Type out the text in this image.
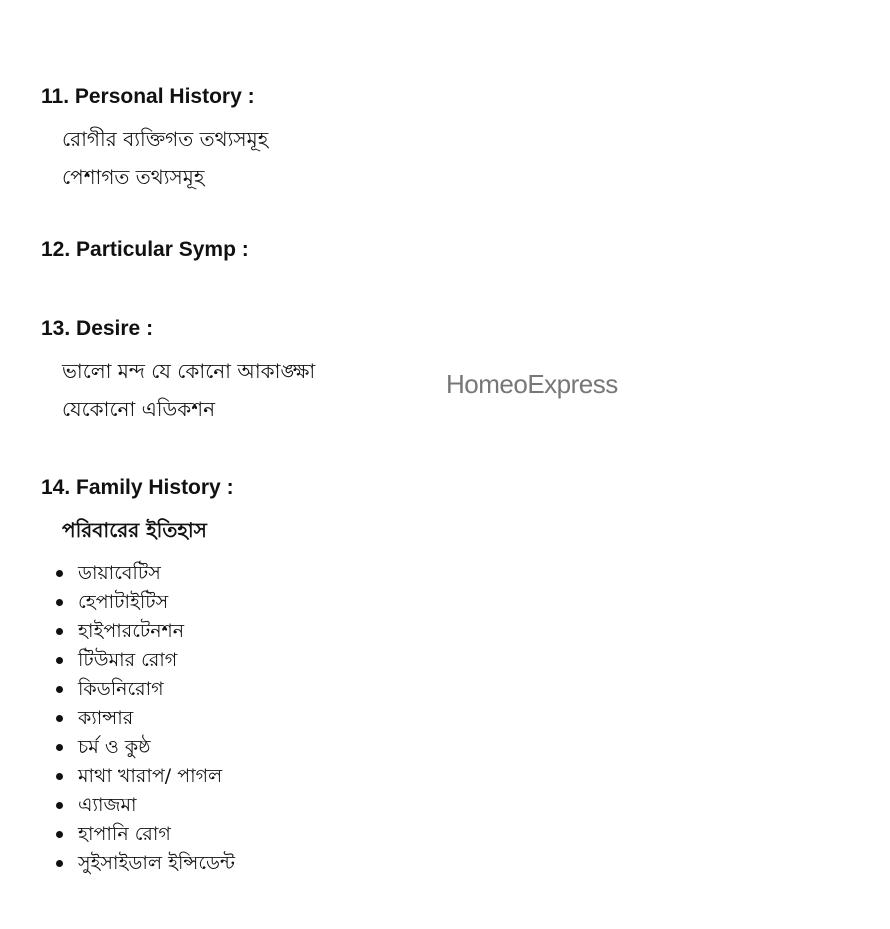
11. Personal History :

রোগীর ব্যক্তিগত তথ্যসমূহ

পেশাগত তথ্যসমূহ

12. Particular Symp :
13. Desire :

ভালো মন্দ যে কোনো আকাঙ্ক্ষা

যেকোনো এডিকশন

HomeoExpress
14. Family History :

পরিবারের ইতিহাস

ডায়াবেটিস
হেপাটাইটিস
হাইপারটেনশন
টিউমার রোগ
কিডনিরোগ
ক্যান্সার
চর্ম ও কুষ্ঠ
মাথা খারাপ/ পাগল
এ্যাজমা
হাপানি রোগ
সুইসাইডাল ইন্সিডেন্ট
